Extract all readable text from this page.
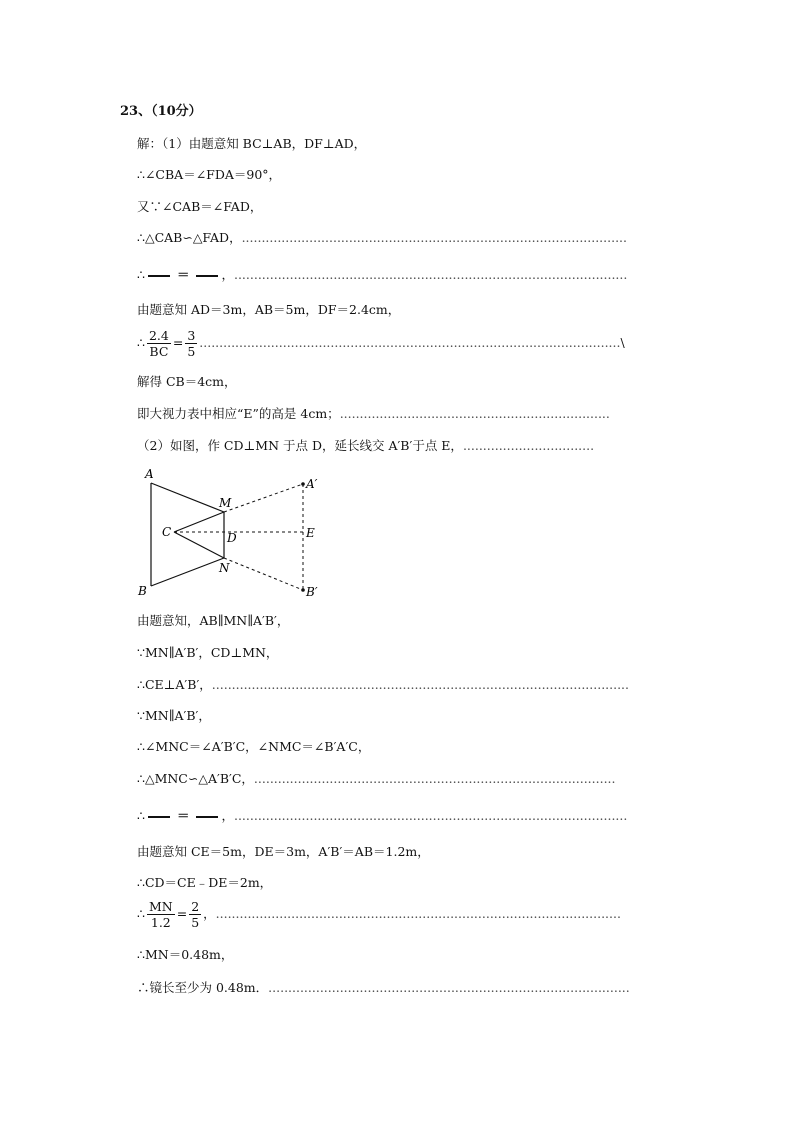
23、（10分）
解：（1）由题意知 BC⊥AB，DF⊥AD，
∴∠CBA＝∠FDA＝90°，
又∵∠CAB＝∠FAD，
∴△CAB∽△FAD，.................................................................................................
∴	＝	，...................................................................................................
由题意知 AD＝3m，AB＝5m，DF＝2.4cm，
∴ $\frac{2.4}{BC} = \frac{3}{5}$ ..........................................................................................................\
解得 CB＝4cm，
即大视力表中相应“E”的高是 4cm；....................................................................
（2）如图，作 CD⊥MN 于点 D，延长线交 A′B′于点 E，.................................
A
B
C
M
N
D
A′
B′
E
由题意知，AB∥MN∥A′B′，
∵MN∥A′B′，CD⊥MN，
∴CE⊥A′B′，.........................................................................................................
∵MN∥A′B′，
∴∠MNC＝∠A′B′C，∠NMC＝∠B′A′C，
∴△MNC∽△A′B′C，...........................................................................................
∴	＝	，...................................................................................................
由题意知 CE＝5m，DE＝3m，A′B′＝AB＝1.2m，
∴CD＝CE﹣DE＝2m，
∴ $\frac{MN}{1.2} = \frac{2}{5}$ ，......................................................................................................
∴MN＝0.48m，
∴镜长至少为 0.48m．...........................................................................................
